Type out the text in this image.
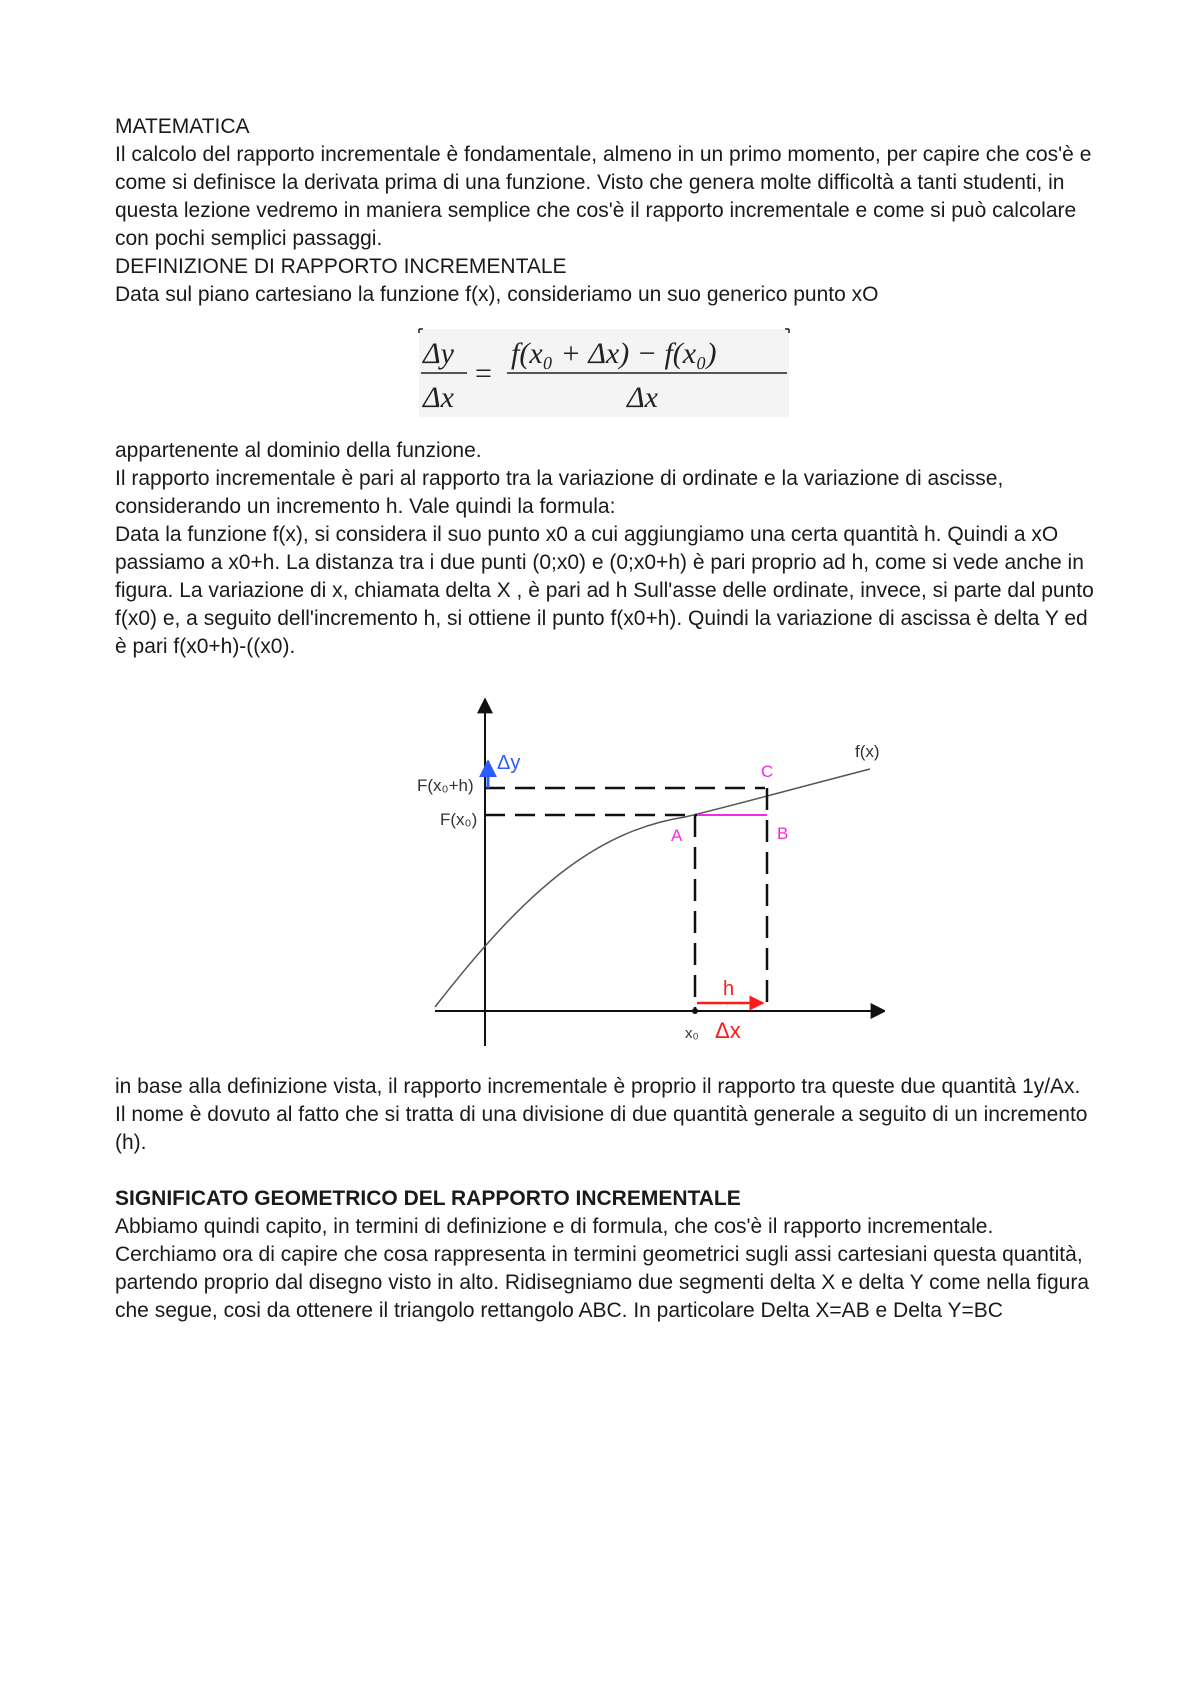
MATEMATICA

Il calcolo del rapporto incrementale è fondamentale, almeno in un primo momento, per capire che cos'è e come si definisce la derivata prima di una funzione. Visto che genera molte difficoltà a tanti studenti, in questa lezione vedremo in maniera semplice che cos'è il rapporto incrementale e come si può calcolare con pochi semplici passaggi.

DEFINIZIONE DI RAPPORTO INCREMENTALE

Data sul piano cartesiano la funzione f(x), consideriamo un suo generico punto xO

Δy
Δx
=
f(x₀ + Δx) − f(x₀)
Δx

appartenente al dominio della funzione.

Il rapporto incrementale è pari al rapporto tra la variazione di ordinate e la variazione di ascisse, considerando un incremento h. Vale quindi la formula:

Data la funzione f(x), si considera il suo punto x0 a cui aggiungiamo una certa quantità h. Quindi a xO passiamo a x0+h. La distanza tra i due punti (0;x0) e (0;x0+h) è pari proprio ad h, come si vede anche in figura. La variazione di x, chiamata delta X , è pari ad h Sull'asse delle ordinate, invece, si parte dal punto f(x0) e, a seguito dell'incremento h, si ottiene il punto f(x0+h). Quindi la variazione di ascissa è delta Y ed è pari f(x0+h)-((x0).

f(x)
F(x₀+h)
F(x₀)
Δy
A	B
C
h
x₀ Δx

in base alla definizione vista, il rapporto incrementale è proprio il rapporto tra queste due quantità 1y/Ax. Il nome è dovuto al fatto che si tratta di una divisione di due quantità generale a seguito di un incremento (h).

SIGNIFICATO GEOMETRICO DEL RAPPORTO INCREMENTALE

Abbiamo quindi capito, in termini di definizione e di formula, che cos'è il rapporto incrementale.

Cerchiamo ora di capire che cosa rappresenta in termini geometrici sugli assi cartesiani questa quantità, partendo proprio dal disegno visto in alto. Ridisegniamo due segmenti delta X e delta Y come nella figura che segue, cosi da ottenere il triangolo rettangolo ABC. In particolare Delta X=AB e Delta Y=BC
